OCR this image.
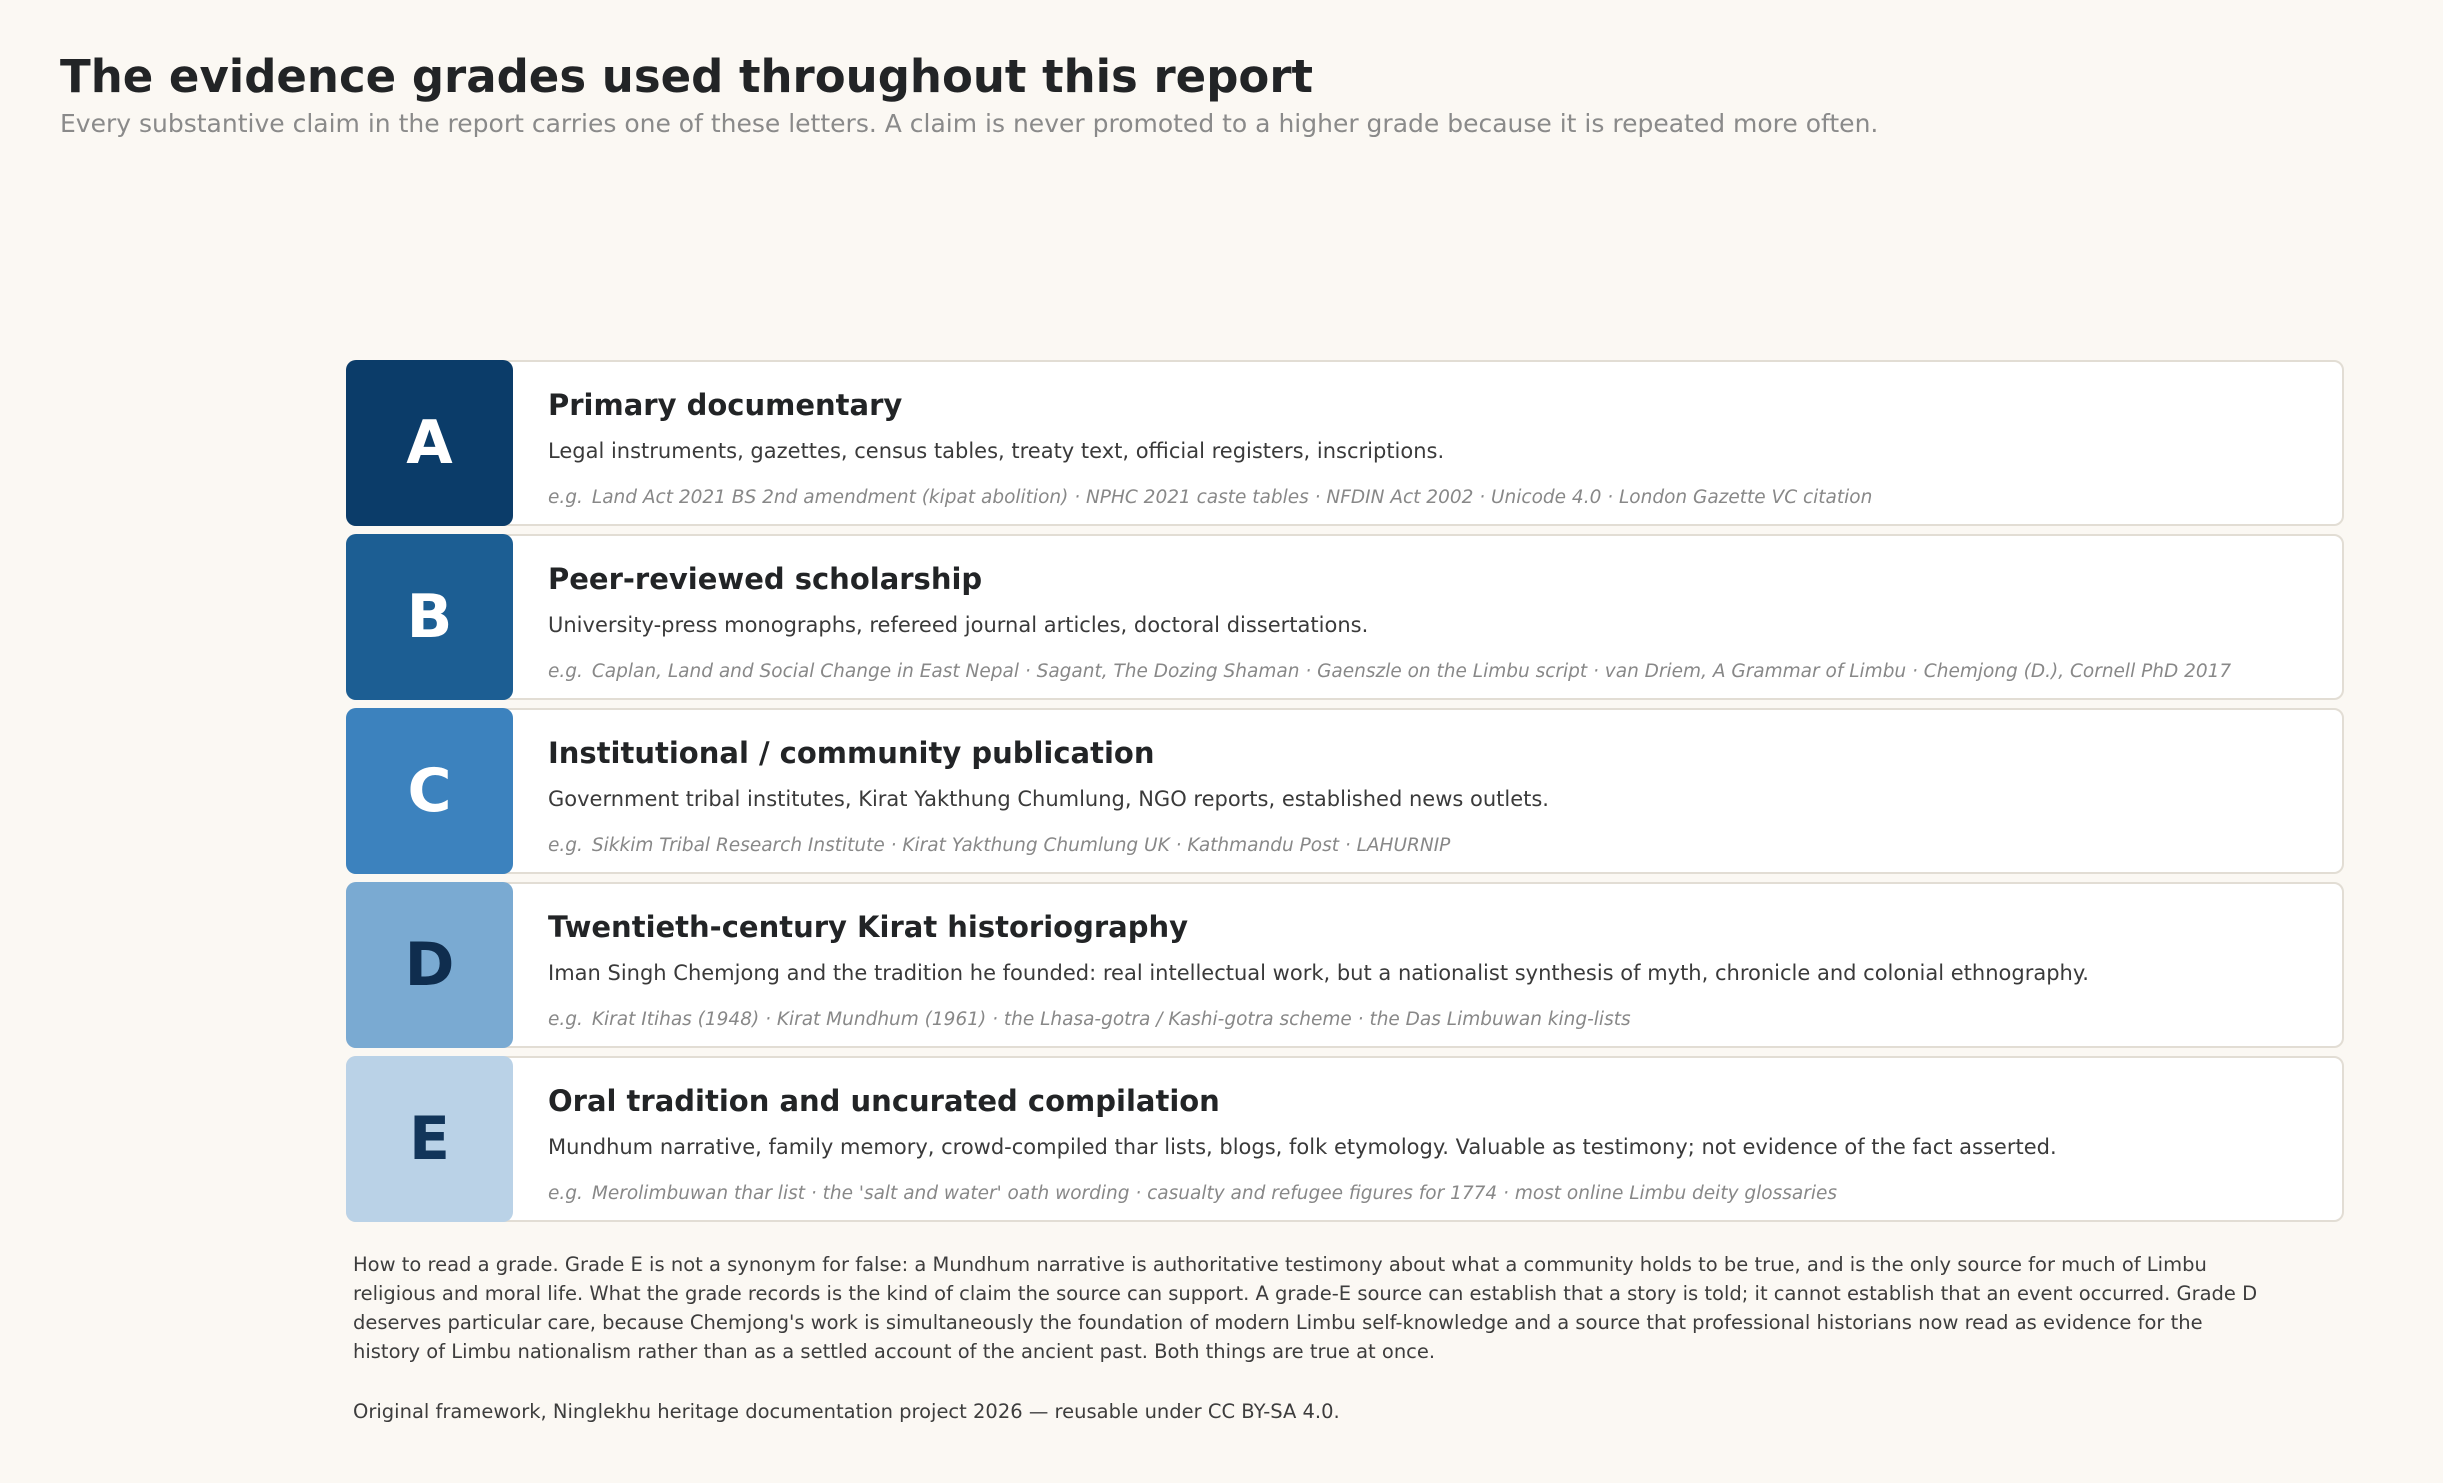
The evidence grades used throughout this report

Every substantive claim in the report carries one of these letters. A claim is never promoted to a higher grade because it is repeated more often.

A
Primary documentary
Legal instruments, gazettes, census tables, treaty text, official registers, inscriptions.
e.g. Land Act 2021 BS 2nd amendment (kipat abolition) · NPHC 2021 caste tables · NFDIN Act 2002 · Unicode 4.0 · London Gazette VC citation
B
Peer-reviewed scholarship
University-press monographs, refereed journal articles, doctoral dissertations.
e.g. Caplan, Land and Social Change in East Nepal · Sagant, The Dozing Shaman · Gaenszle on the Limbu script · van Driem, A Grammar of Limbu · Chemjong (D.), Cornell PhD 2017
C
Institutional / community publication
Government tribal institutes, Kirat Yakthung Chumlung, NGO reports, established news outlets.
e.g. Sikkim Tribal Research Institute · Kirat Yakthung Chumlung UK · Kathmandu Post · LAHURNIP
D
Twentieth-century Kirat historiography
Iman Singh Chemjong and the tradition he founded: real intellectual work, but a nationalist synthesis of myth, chronicle and colonial ethnography.
e.g. Kirat Itihas (1948) · Kirat Mundhum (1961) · the Lhasa-gotra / Kashi-gotra scheme · the Das Limbuwan king-lists
E
Oral tradition and uncurated compilation
Mundhum narrative, family memory, crowd-compiled thar lists, blogs, folk etymology. Valuable as testimony; not evidence of the fact asserted.
e.g. Merolimbuwan thar list · the 'salt and water' oath wording · casualty and refugee figures for 1774 · most online Limbu deity glossaries

How to read a grade. Grade E is not a synonym for false: a Mundhum narrative is authoritative testimony about what a community holds to be true, and is the only source for much of Limbu religious and moral life. What the grade records is the kind of claim the source can support. A grade-E source can establish that a story is told; it cannot establish that an event occurred. Grade D deserves particular care, because Chemjong's work is simultaneously the foundation of modern Limbu self-knowledge and a source that professional historians now read as evidence for the history of Limbu nationalism rather than as a settled account of the ancient past. Both things are true at once.

Original framework, Ninglekhu heritage documentation project 2026 — reusable under CC BY-SA 4.0.
